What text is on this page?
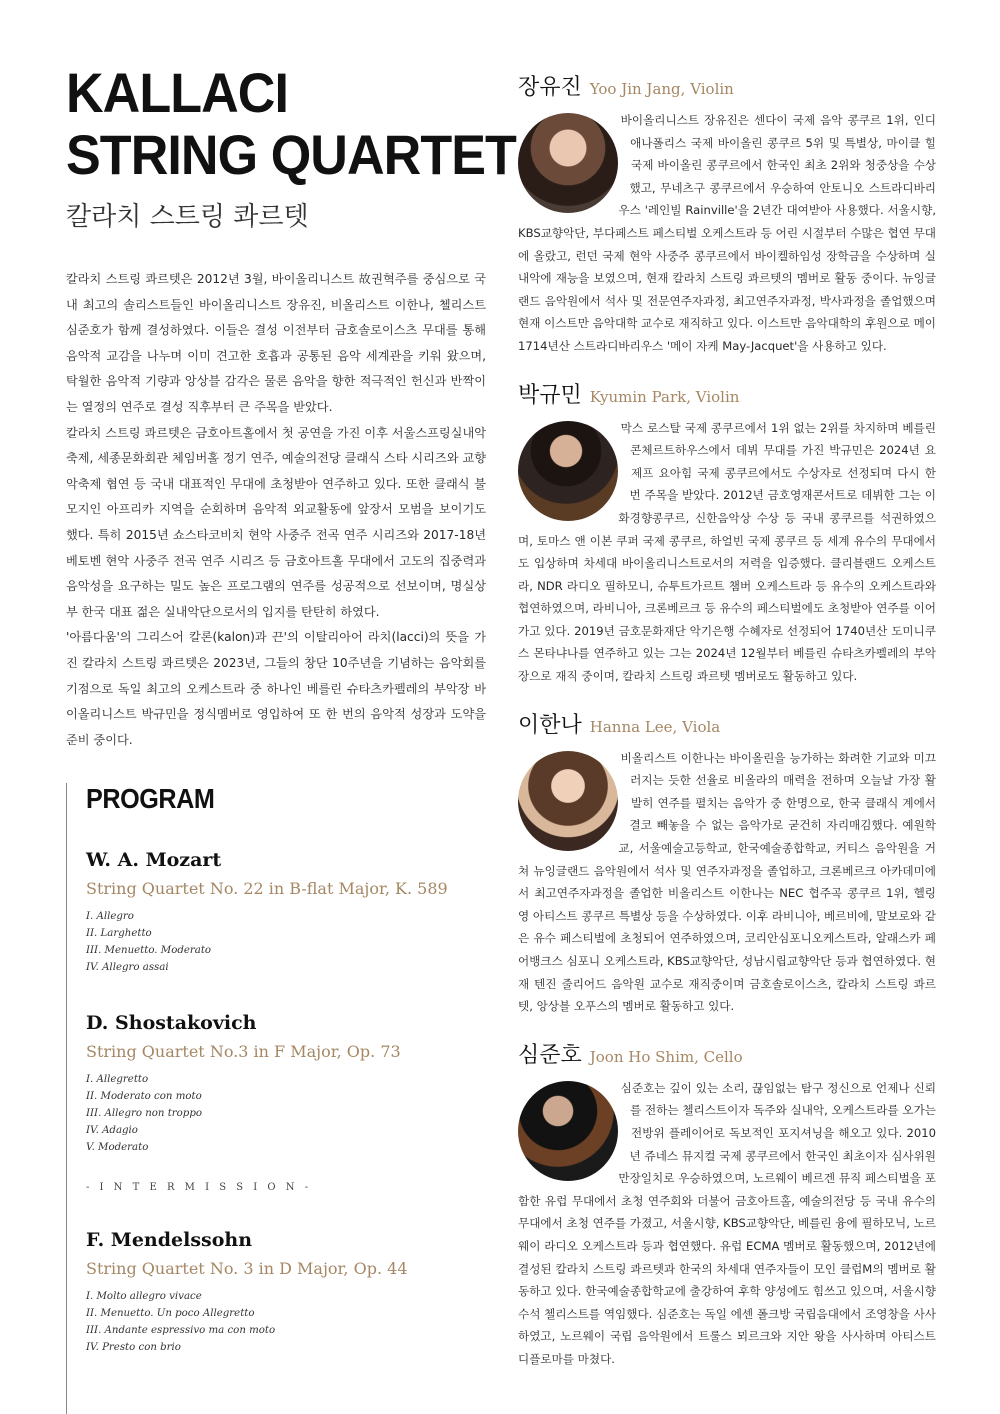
KALLACI
STRING QUARTET
칼라치 스트링 콰르텟

칼라치 스트링 콰르텟은 2012년 3월, 바이올리니스트 故권혁주를 중심으로 국내 최고의 솔리스트들인 바이올리니스트 장유진, 비올리스트 이한나, 첼리스트 심준호가 함께 결성하였다. 이들은 결성 이전부터 금호솔로이스츠 무대를 통해 음악적 교감을 나누며 이미 견고한 호흡과 공통된 음악 세계관을 키워 왔으며, 탁월한 음악적 기량과 앙상블 감각은 물론 음악을 향한 적극적인 헌신과 반짝이는 열정의 연주로 결성 직후부터 큰 주목을 받았다.

칼라치 스트링 콰르텟은 금호아트홀에서 첫 공연을 가진 이후 서울스프링실내악축제, 세종문화회관 체임버홀 정기 연주, 예술의전당 클래식 스타 시리즈와 교향악축제 협연 등 국내 대표적인 무대에 초청받아 연주하고 있다. 또한 클래식 불모지인 아프리카 지역을 순회하며 음악적 외교활동에 앞장서 모범을 보이기도 했다. 특히 2015년 쇼스타코비치 현악 사중주 전곡 연주 시리즈와 2017-18년 베토벤 현악 사중주 전곡 연주 시리즈 등 금호아트홀 무대에서 고도의 집중력과 음악성을 요구하는 밀도 높은 프로그램의 연주를 성공적으로 선보이며, 명실상부 한국 대표 젊은 실내악단으로서의 입지를 탄탄히 하였다.

'아름다움'의 그리스어 칼론(kalon)과 끈'의 이탈리아어 라치(lacci)의 뜻을 가진 칼라치 스트링 콰르텟은 2023년, 그들의 창단 10주년을 기념하는 음악회를 기점으로 독일 최고의 오케스트라 중 하나인 베를린 슈타츠카펠레의 부악장 바이올리니스트 박규민을 정식멤버로 영입하여 또 한 번의 음악적 성장과 도약을 준비 중이다.

PROGRAM
W. A. Mozart
String Quartet No. 22 in B-flat Major, K. 589
I. Allegro
II. Larghetto
III. Menuetto. Moderato
IV. Allegro assai
D. Shostakovich
String Quartet No.3 in F Major, Op. 73
I. Allegretto
II. Moderato con moto
III. Allegro non troppo
IV. Adagio
V. Moderato
- I N T E R M I S S I O N -
F. Mendelssohn
String Quartet No. 3 in D Major, Op. 44
I. Molto allegro vivace
II. Menuetto. Un poco Allegretto
III. Andante espressivo ma con moto
IV. Presto con brio
장유진 Yoo Jin Jang, Violin
바이올리니스트 장유진은 센다이 국제 음악 콩쿠르 1위, 인디애나폴리스 국제 바이올린 콩쿠르 5위 및 특별상, 마이클 힐 국제 바이올린 콩쿠르에서 한국인 최초 2위와 청중상을 수상했고, 무네츠구 콩쿠르에서 우승하여 안토니오 스트라디바리우스 '레인빌 Rainville'을 2년간 대여받아 사용했다. 서울시향, KBS교향악단, 부다페스트 페스티벌 오케스트라 등 어린 시절부터 수많은 협연 무대에 올랐고, 런던 국제 현악 사중주 콩쿠르에서 바이켈하임성 장학금을 수상하며 실내악에 재능을 보였으며, 현재 칼라치 스트링 콰르텟의 멤버로 활동 중이다. 뉴잉글랜드 음악원에서 석사 및 전문연주자과정, 최고연주자과정, 박사과정을 졸업했으며 현재 이스트만 음악대학 교수로 재직하고 있다. 이스트만 음악대학의 후원으로 메이 1714년산 스트라디바리우스 '메이 자케 May-Jacquet'을 사용하고 있다.
박규민 Kyumin Park, Violin
막스 로스탈 국제 콩쿠르에서 1위 없는 2위를 차지하며 베를린 콘체르트하우스에서 데뷔 무대를 가진 박규민은 2024년 요제프 요아힘 국제 콩쿠르에서도 수상자로 선정되며 다시 한 번 주목을 받았다. 2012년 금호영재콘서트로 데뷔한 그는 이화경향콩쿠르, 신한음악상 수상 등 국내 콩쿠르를 석권하였으며, 토마스 앤 이본 쿠퍼 국제 콩쿠르, 하얼빈 국제 콩쿠르 등 세계 유수의 무대에서도 입상하며 차세대 바이올리니스트로서의 저력을 입증했다. 클리블랜드 오케스트라, NDR 라디오 필하모니, 슈투트가르트 챔버 오케스트라 등 유수의 오케스트라와 협연하였으며, 라비니아, 크론베르크 등 유수의 페스티벌에도 초청받아 연주를 이어가고 있다. 2019년 금호문화재단 악기은행 수혜자로 선정되어 1740년산 도미니쿠스 몬타냐나를 연주하고 있는 그는 2024년 12월부터 베를린 슈타츠카펠레의 부악장으로 재직 중이며, 칼라치 스트링 콰르텟 멤버로도 활동하고 있다.
이한나 Hanna Lee, Viola
비올리스트 이한나는 바이올린을 능가하는 화려한 기교와 미끄러지는 듯한 선율로 비올라의 매력을 전하며 오늘날 가장 활발히 연주를 펼치는 음악가 중 한명으로, 한국 클래식 계에서 결코 빼놓을 수 없는 음악가로 굳건히 자리매김했다. 예원학교, 서울예술고등학교, 한국예술종합학교, 커티스 음악원을 거쳐 뉴잉글랜드 음악원에서 석사 및 연주자과정을 졸업하고, 크론베르크 아카데미에서 최고연주자과정을 졸업한 비올리스트 이한나는 NEC 협주곡 콩쿠르 1위, 헬링 영 아티스트 콩쿠르 특별상 등을 수상하였다. 이후 라비니아, 베르비에, 말보로와 같은 유수 페스티벌에 초청되어 연주하였으며, 코리안심포니오케스트라, 알래스카 페어뱅크스 심포니 오케스트라, KBS교향악단, 성남시립교향악단 등과 협연하였다. 현재 텐진 줄리어드 음악원 교수로 재직중이며 금호솔로이스츠, 칼라치 스트링 콰르텟, 앙상블 오푸스의 멤버로 활동하고 있다.
심준호 Joon Ho Shim, Cello
심준호는 깊이 있는 소리, 끊임없는 탐구 정신으로 언제나 신뢰를 전하는 첼리스트이자 독주와 실내악, 오케스트라를 오가는 전방위 플레이어로 독보적인 포지셔닝을 해오고 있다. 2010년 쥬네스 뮤지컬 국제 콩쿠르에서 한국인 최초이자 심사위원 만장일치로 우승하였으며, 노르웨이 베르겐 뮤직 페스티벌을 포함한 유럽 무대에서 초청 연주회와 더불어 금호아트홀, 예술의전당 등 국내 유수의 무대에서 초청 연주를 가졌고, 서울시향, KBS교향악단, 베를린 융에 필하모닉, 노르웨이 라디오 오케스트라 등과 협연했다. 유럽 ECMA 멤버로 활동했으며, 2012년에 결성된 칼라치 스트링 콰르텟과 한국의 차세대 연주자들이 모인 클럽M의 멤버로 활동하고 있다. 한국예술종합학교에 출강하여 후학 양성에도 힘쓰고 있으며, 서울시향 수석 첼리스트를 역임했다. 심준호는 독일 에센 폴크방 국립음대에서 조영창을 사사하였고, 노르웨이 국립 음악원에서 트룰스 뫼르크와 지안 왕을 사사하며 아티스트 디플로마를 마쳤다.
